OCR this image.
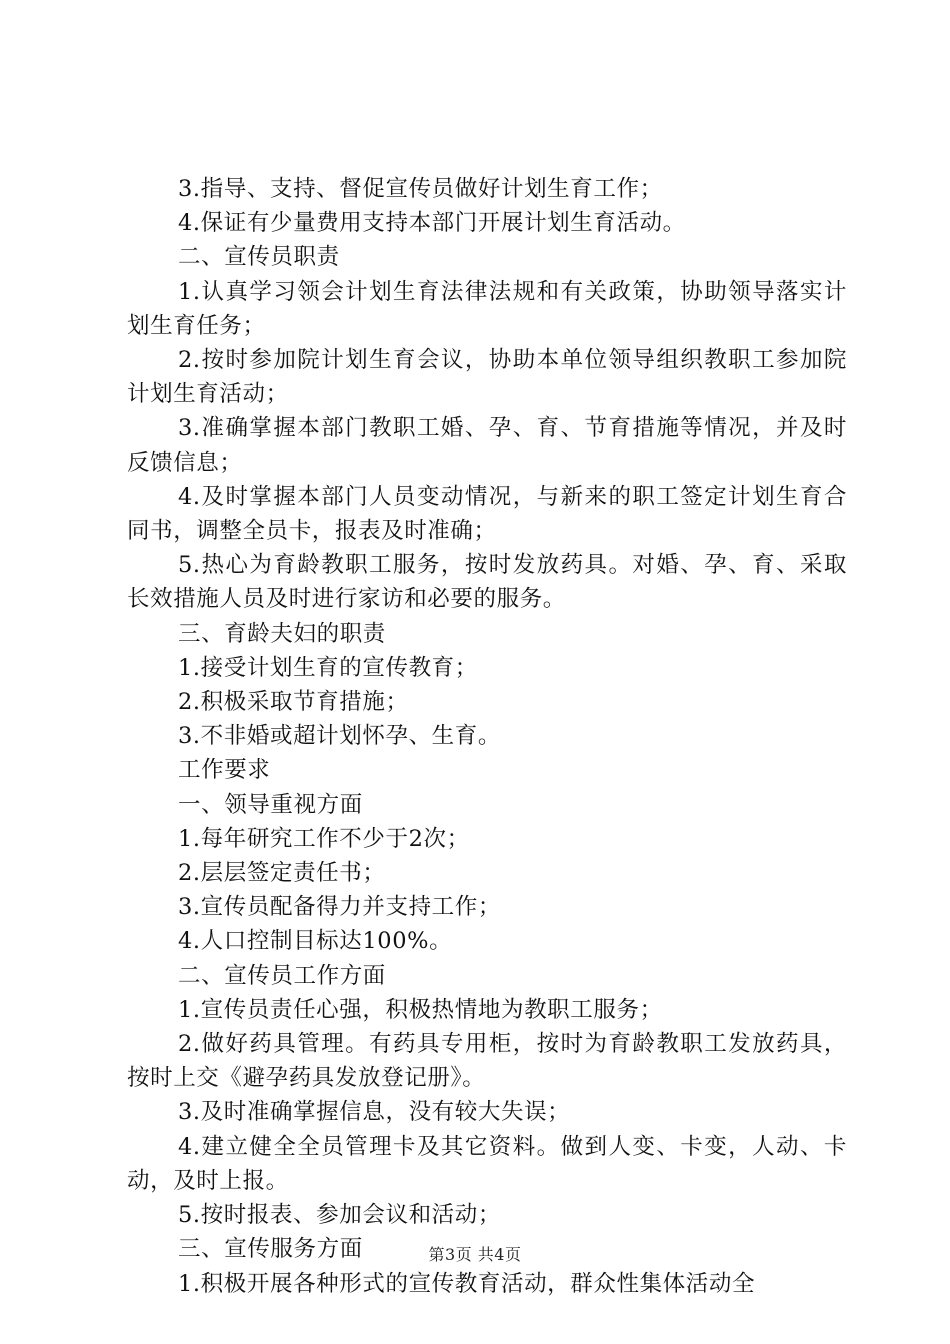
3.指导、支持、督促宣传员做好计划生育工作；

4.保证有少量费用支持本部门开展计划生育活动。

二、宣传员职责

1.认真学习领会计划生育法律法规和有关政策，协助领导落实计划生育任务；

2.按时参加院计划生育会议，协助本单位领导组织教职工参加院计划生育活动；

3.准确掌握本部门教职工婚、孕、育、节育措施等情况，并及时反馈信息；

4.及时掌握本部门人员变动情况，与新来的职工签定计划生育合同书，调整全员卡，报表及时准确；

5.热心为育龄教职工服务，按时发放药具。对婚、孕、育、采取长效措施人员及时进行家访和必要的服务。

三、育龄夫妇的职责

1.接受计划生育的宣传教育；

2.积极采取节育措施；

3.不非婚或超计划怀孕、生育。

工作要求

一、领导重视方面

1.每年研究工作不少于2次；

2.层层签定责任书；

3.宣传员配备得力并支持工作；

4.人口控制目标达100%。

二、宣传员工作方面

1.宣传员责任心强，积极热情地为教职工服务；

2.做好药具管理。有药具专用柜，按时为育龄教职工发放药具，按时上交《避孕药具发放登记册》。

3.及时准确掌握信息，没有较大失误；

4.建立健全全员管理卡及其它资料。做到人变、卡变，人动、卡动，及时上报。

5.按时报表、参加会议和活动；

三、宣传服务方面

1.积极开展各种形式的宣传教育活动，群众性集体活动全

第3页 共4页
